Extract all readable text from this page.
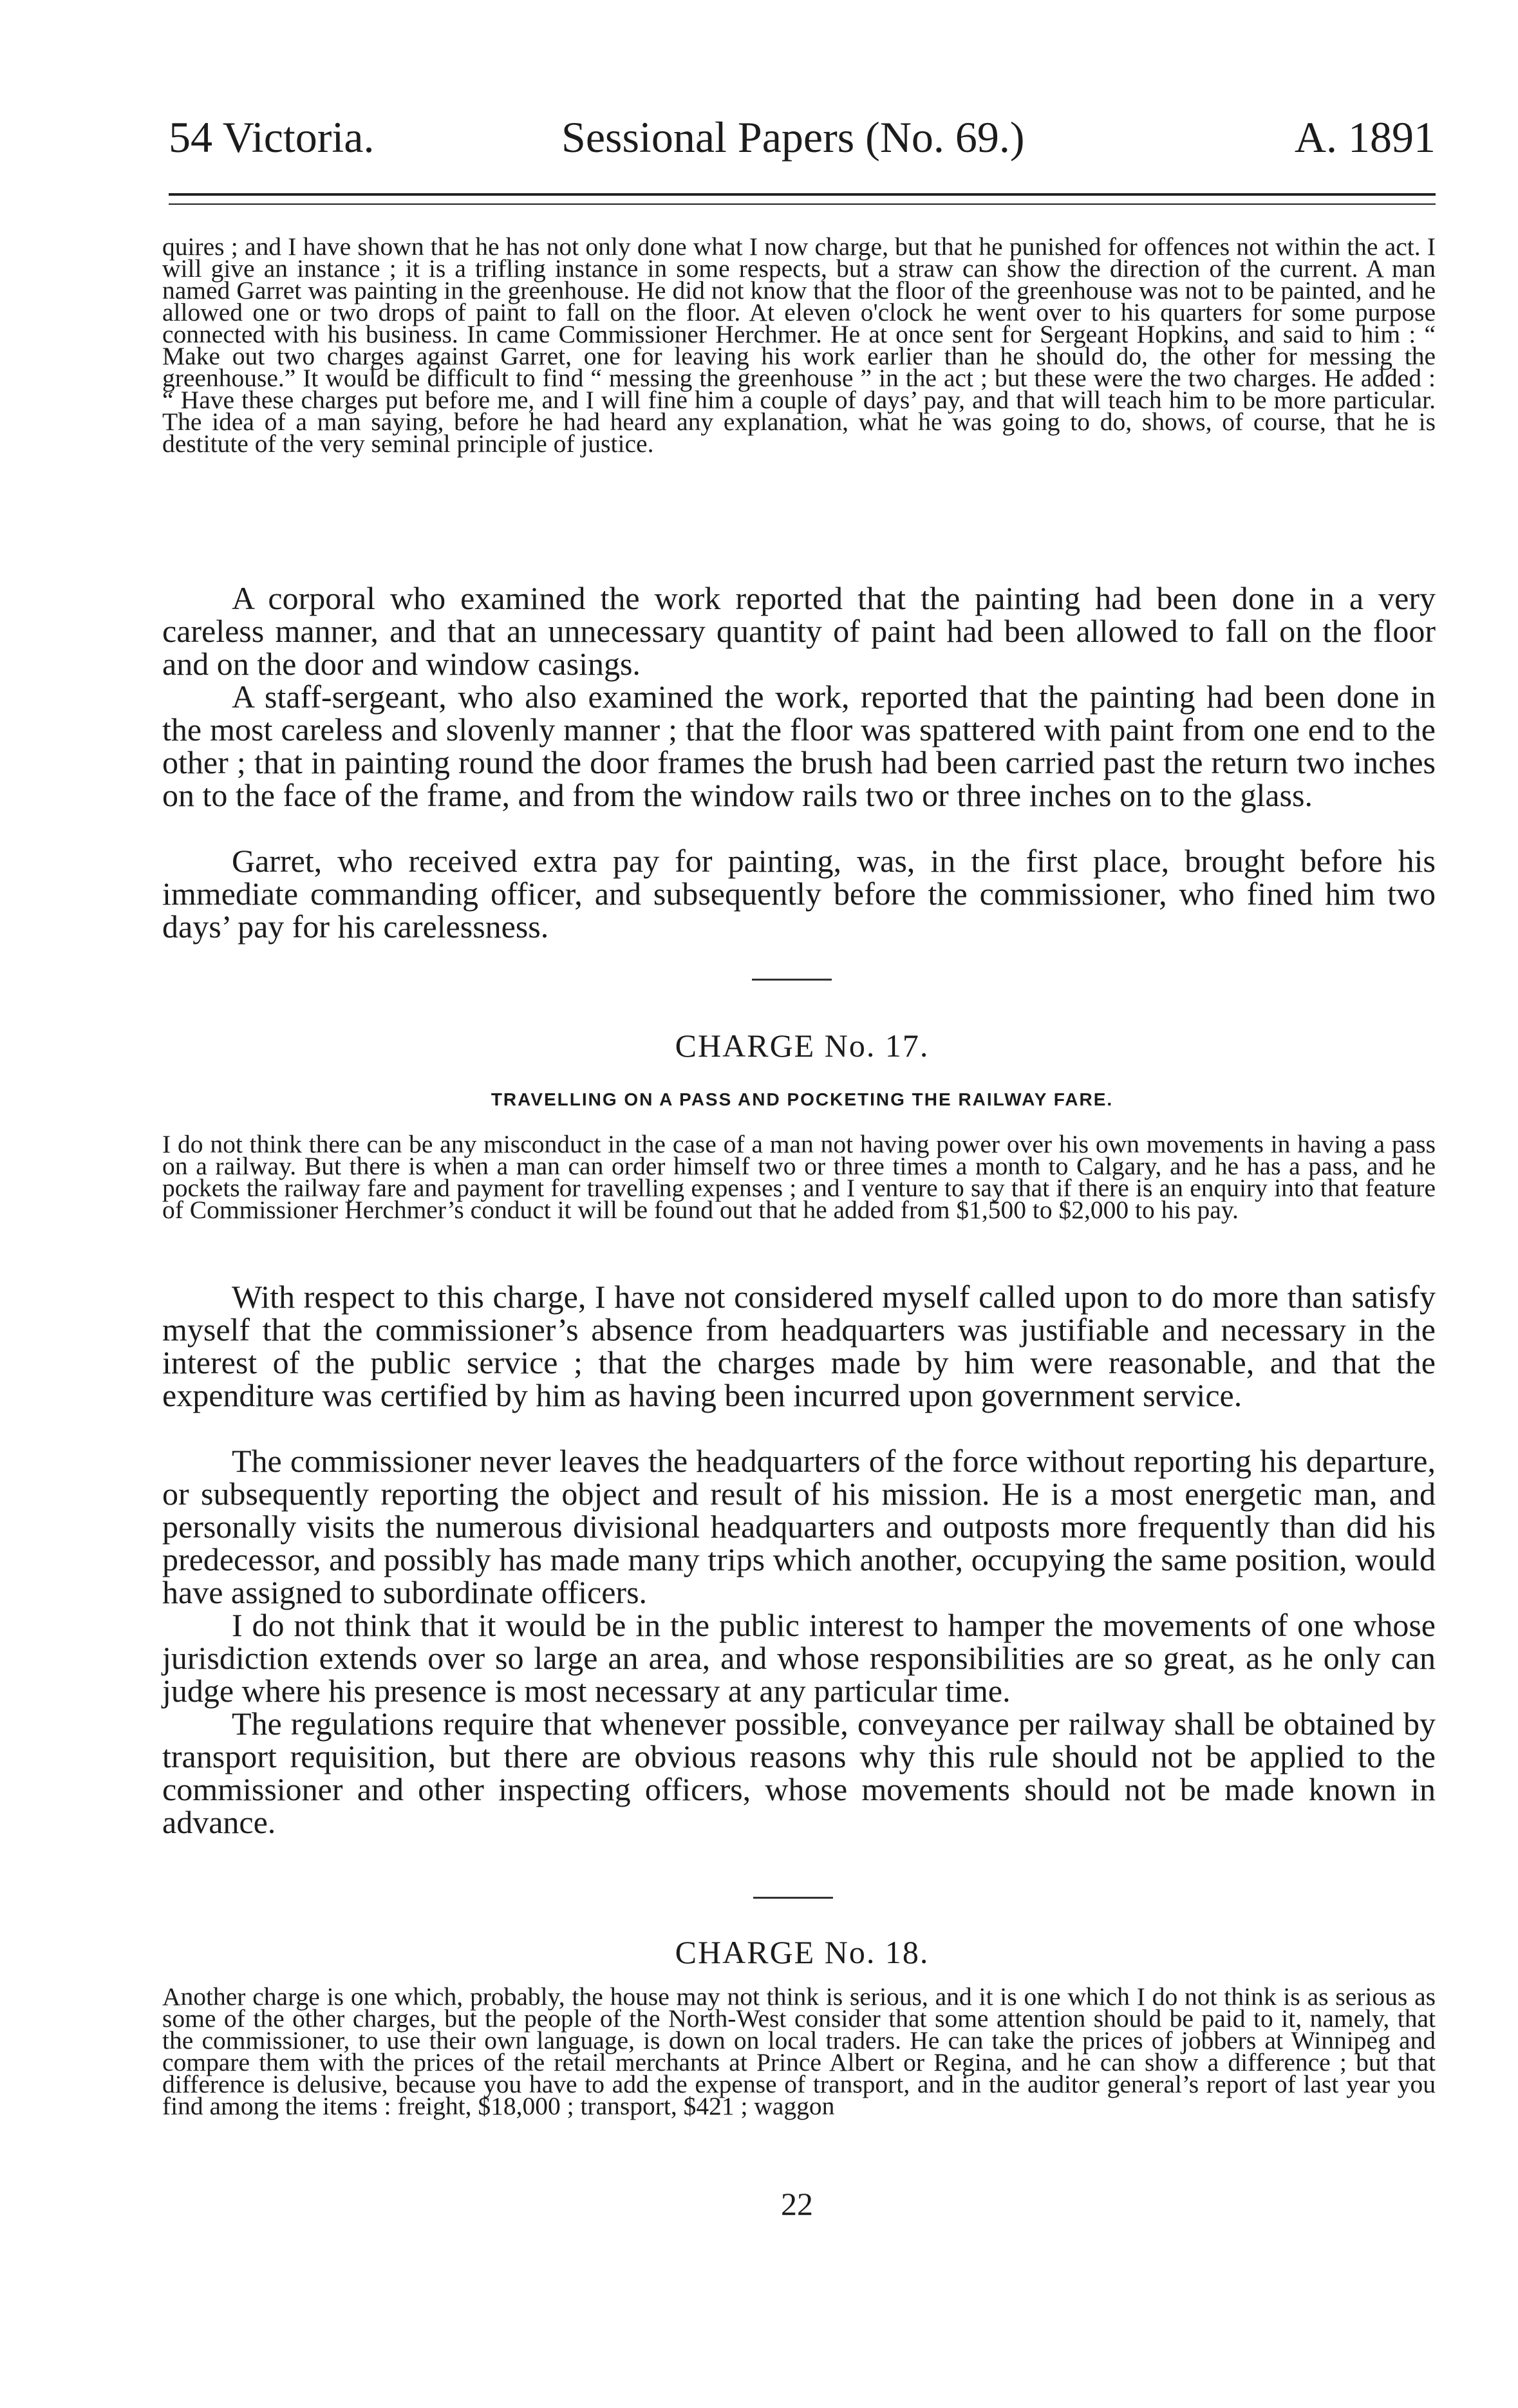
54 Victoria.	Sessional Papers (No. 69.)	A. 1891

quires ; and I have shown that he has not only done what I now charge, but that he punished for offences not within the act. I will give an instance ; it is a trifling instance in some respects, but a straw can show the direction of the current. A man named Garret was painting in the greenhouse. He did not know that the floor of the greenhouse was not to be painted, and he allowed one or two drops of paint to fall on the floor. At eleven o'clock he went over to his quarters for some purpose connected with his business. In came Commissioner Herchmer. He at once sent for Sergeant Hopkins, and said to him : “ Make out two charges against Garret, one for leaving his work earlier than he should do, the other for messing the greenhouse.” It would be difficult to find “ messing the greenhouse ” in the act ; but these were the two charges. He added : “ Have these charges put before me, and I will fine him a couple of days’ pay, and that will teach him to be more particular. The idea of a man saying, before he had heard any explanation, what he was going to do, shows, of course, that he is destitute of the very seminal principle of justice.

A corporal who examined the work reported that the painting had been done in a very careless manner, and that an unnecessary quantity of paint had been allowed to fall on the floor and on the door and window casings.

A staff-sergeant, who also examined the work, reported that the painting had been done in the most careless and slovenly manner ; that the floor was spattered with paint from one end to the other ; that in painting round the door frames the brush had been carried past the return two inches on to the face of the frame, and from the window rails two or three inches on to the glass.

Garret, who received extra pay for painting, was, in the first place, brought before his immediate commanding officer, and subsequently before the commissioner, who fined him two days’ pay for his carelessness.

CHARGE No. 17.

TRAVELLING ON A PASS AND POCKETING THE RAILWAY FARE.

I do not think there can be any misconduct in the case of a man not having power over his own movements in having a pass on a railway. But there is when a man can order himself two or three times a month to Calgary, and he has a pass, and he pockets the railway fare and payment for travelling expenses ; and I venture to say that if there is an enquiry into that feature of Commissioner Herchmer’s conduct it will be found out that he added from $1,500 to $2,000 to his pay.

With respect to this charge, I have not considered myself called upon to do more than satisfy myself that the commissioner’s absence from headquarters was justifiable and necessary in the interest of the public service ; that the charges made by him were reasonable, and that the expenditure was certified by him as having been incurred upon government service.

The commissioner never leaves the headquarters of the force without reporting his departure, or subsequently reporting the object and result of his mission. He is a most energetic man, and personally visits the numerous divisional headquarters and outposts more frequently than did his predecessor, and possibly has made many trips which another, occupying the same position, would have assigned to subordinate officers.

I do not think that it would be in the public interest to hamper the movements of one whose jurisdiction extends over so large an area, and whose responsibilities are so great, as he only can judge where his presence is most necessary at any particular time.

The regulations require that whenever possible, conveyance per railway shall be obtained by transport requisition, but there are obvious reasons why this rule should not be applied to the commissioner and other inspecting officers, whose movements should not be made known in advance.

CHARGE No. 18.

Another charge is one which, probably, the house may not think is serious, and it is one which I do not think is as serious as some of the other charges, but the people of the North-West consider that some attention should be paid to it, namely, that the commissioner, to use their own language, is down on local traders. He can take the prices of jobbers at Winnipeg and compare them with the prices of the retail merchants at Prince Albert or Regina, and he can show a difference ; but that difference is delusive, because you have to add the expense of transport, and in the auditor general’s report of last year you find among the items : freight, $18,000 ; transport, $421 ; waggon

22
